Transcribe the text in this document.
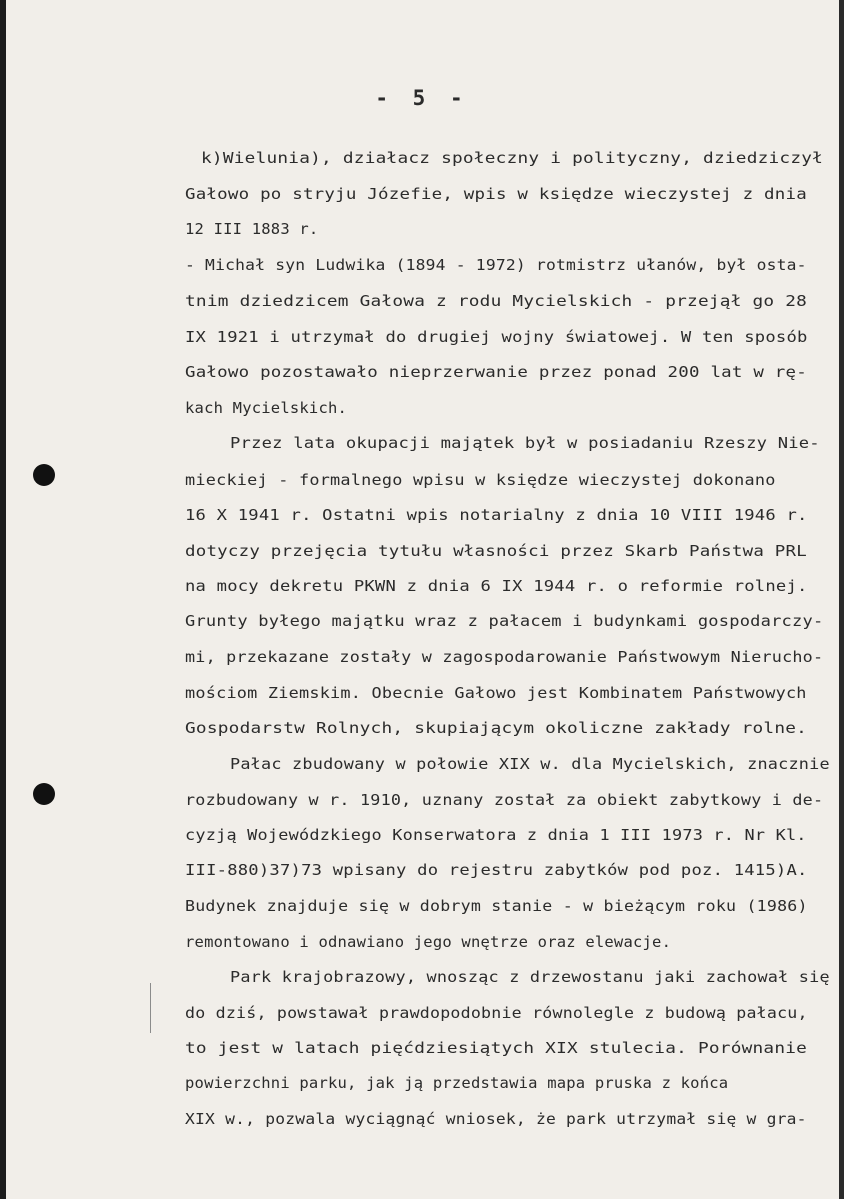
- 5 -
k)Wielunia), działacz społeczny i polityczny, dziedziczył
Gałowo po stryju Józefie, wpis w księdze wieczystej z dnia
12 III 1883 r.
- Michał syn Ludwika (1894 - 1972) rotmistrz ułanów, był osta-
tnim dziedzicem Gałowa z rodu Mycielskich - przejął go 28
IX 1921 i utrzymał do drugiej wojny światowej. W ten sposób
Gałowo pozostawało nieprzerwanie przez ponad 200 lat w rę-
kach Mycielskich.
Przez lata okupacji majątek był w posiadaniu Rzeszy Nie-
mieckiej - formalnego wpisu w księdze wieczystej dokonano
16 X 1941 r. Ostatni wpis notarialny z dnia 10 VIII 1946 r.
dotyczy przejęcia tytułu własności przez Skarb Państwa PRL
na mocy dekretu PKWN z dnia 6 IX 1944 r. o reformie rolnej.
Grunty byłego majątku wraz z pałacem i budynkami gospodarczy-
mi, przekazane zostały w zagospodarowanie Państwowym Nierucho-
mościom Ziemskim. Obecnie Gałowo jest Kombinatem Państwowych
Gospodarstw Rolnych, skupiającym okoliczne zakłady rolne.
Pałac zbudowany w połowie XIX w. dla Mycielskich, znacznie
rozbudowany w r. 1910, uznany został za obiekt zabytkowy i de-
cyzją Wojewódzkiego Konserwatora z dnia 1 III 1973 r. Nr Kl.
III-880)37)73 wpisany do rejestru zabytków pod poz. 1415)A.
Budynek znajduje się w dobrym stanie - w bieżącym roku (1986)
remontowano i odnawiano jego wnętrze oraz elewacje.
Park krajobrazowy, wnosząc z drzewostanu jaki zachował się
do dziś, powstawał prawdopodobnie równolegle z budową pałacu,
to jest w latach pięćdziesiątych XIX stulecia. Porównanie
powierzchni parku, jak ją przedstawia mapa pruska z końca
XIX w., pozwala wyciągnąć wniosek, że park utrzymał się w gra-
